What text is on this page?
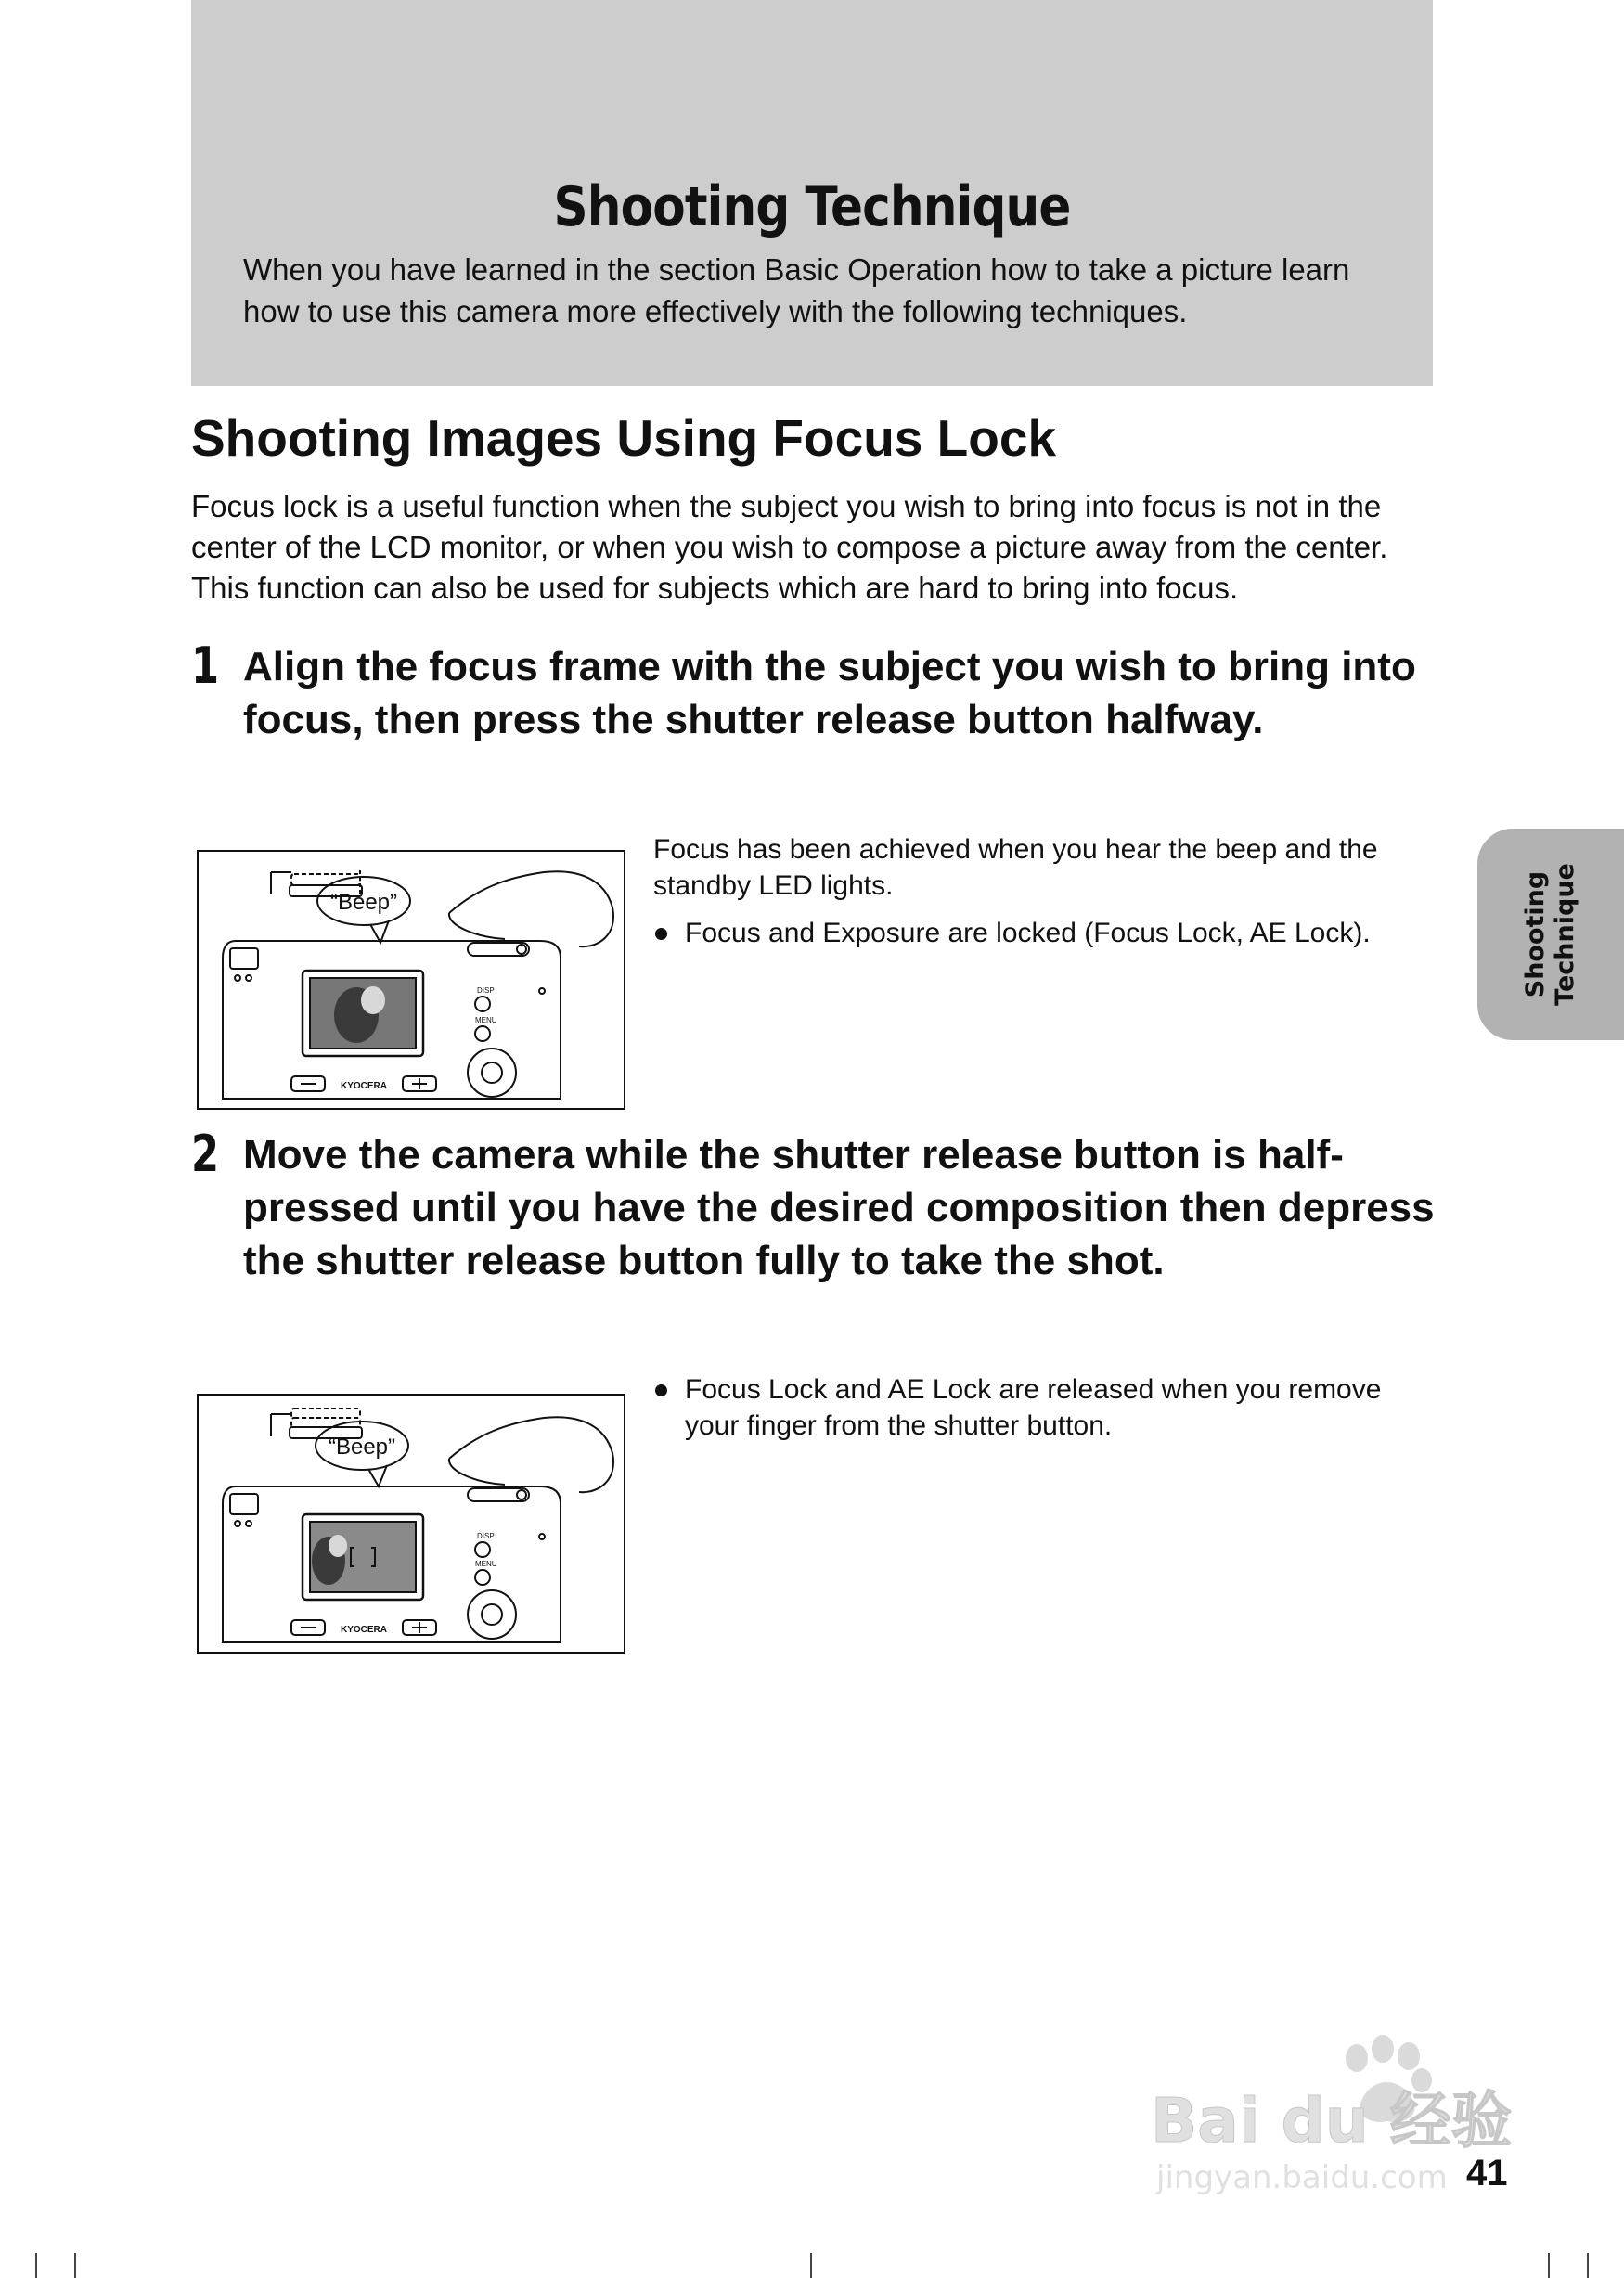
Shooting Technique

When you have learned in the section Basic Operation how to take a picture learn how to use this camera more effectively with the following techniques.

Shooting Images Using Focus Lock

Focus lock is a useful function when the subject you wish to bring into focus is not in the center of the LCD monitor, or when you wish to compose a picture away from the center. This function can also be used for subjects which are hard to bring into focus.

1 Align the focus frame with the subject you wish to bring into focus, then press the shutter release button halfway.

“Beep”
KYOCERA
DISP
MENU
Focus has been achieved when you hear the beep and the standby LED lights.
Focus and Exposure are locked (Focus Lock, AE Lock).
2 Move the camera while the shutter release button is half-pressed until you have the desired composition then depress the shutter release button fully to take the shot.

“Beep”
KYOCERA
DISP
MENU
Focus Lock and AE Lock are released when you remove your finger from the shutter button.
Shooting Technique
Bai du 经验
jingyan.baidu.com 41
